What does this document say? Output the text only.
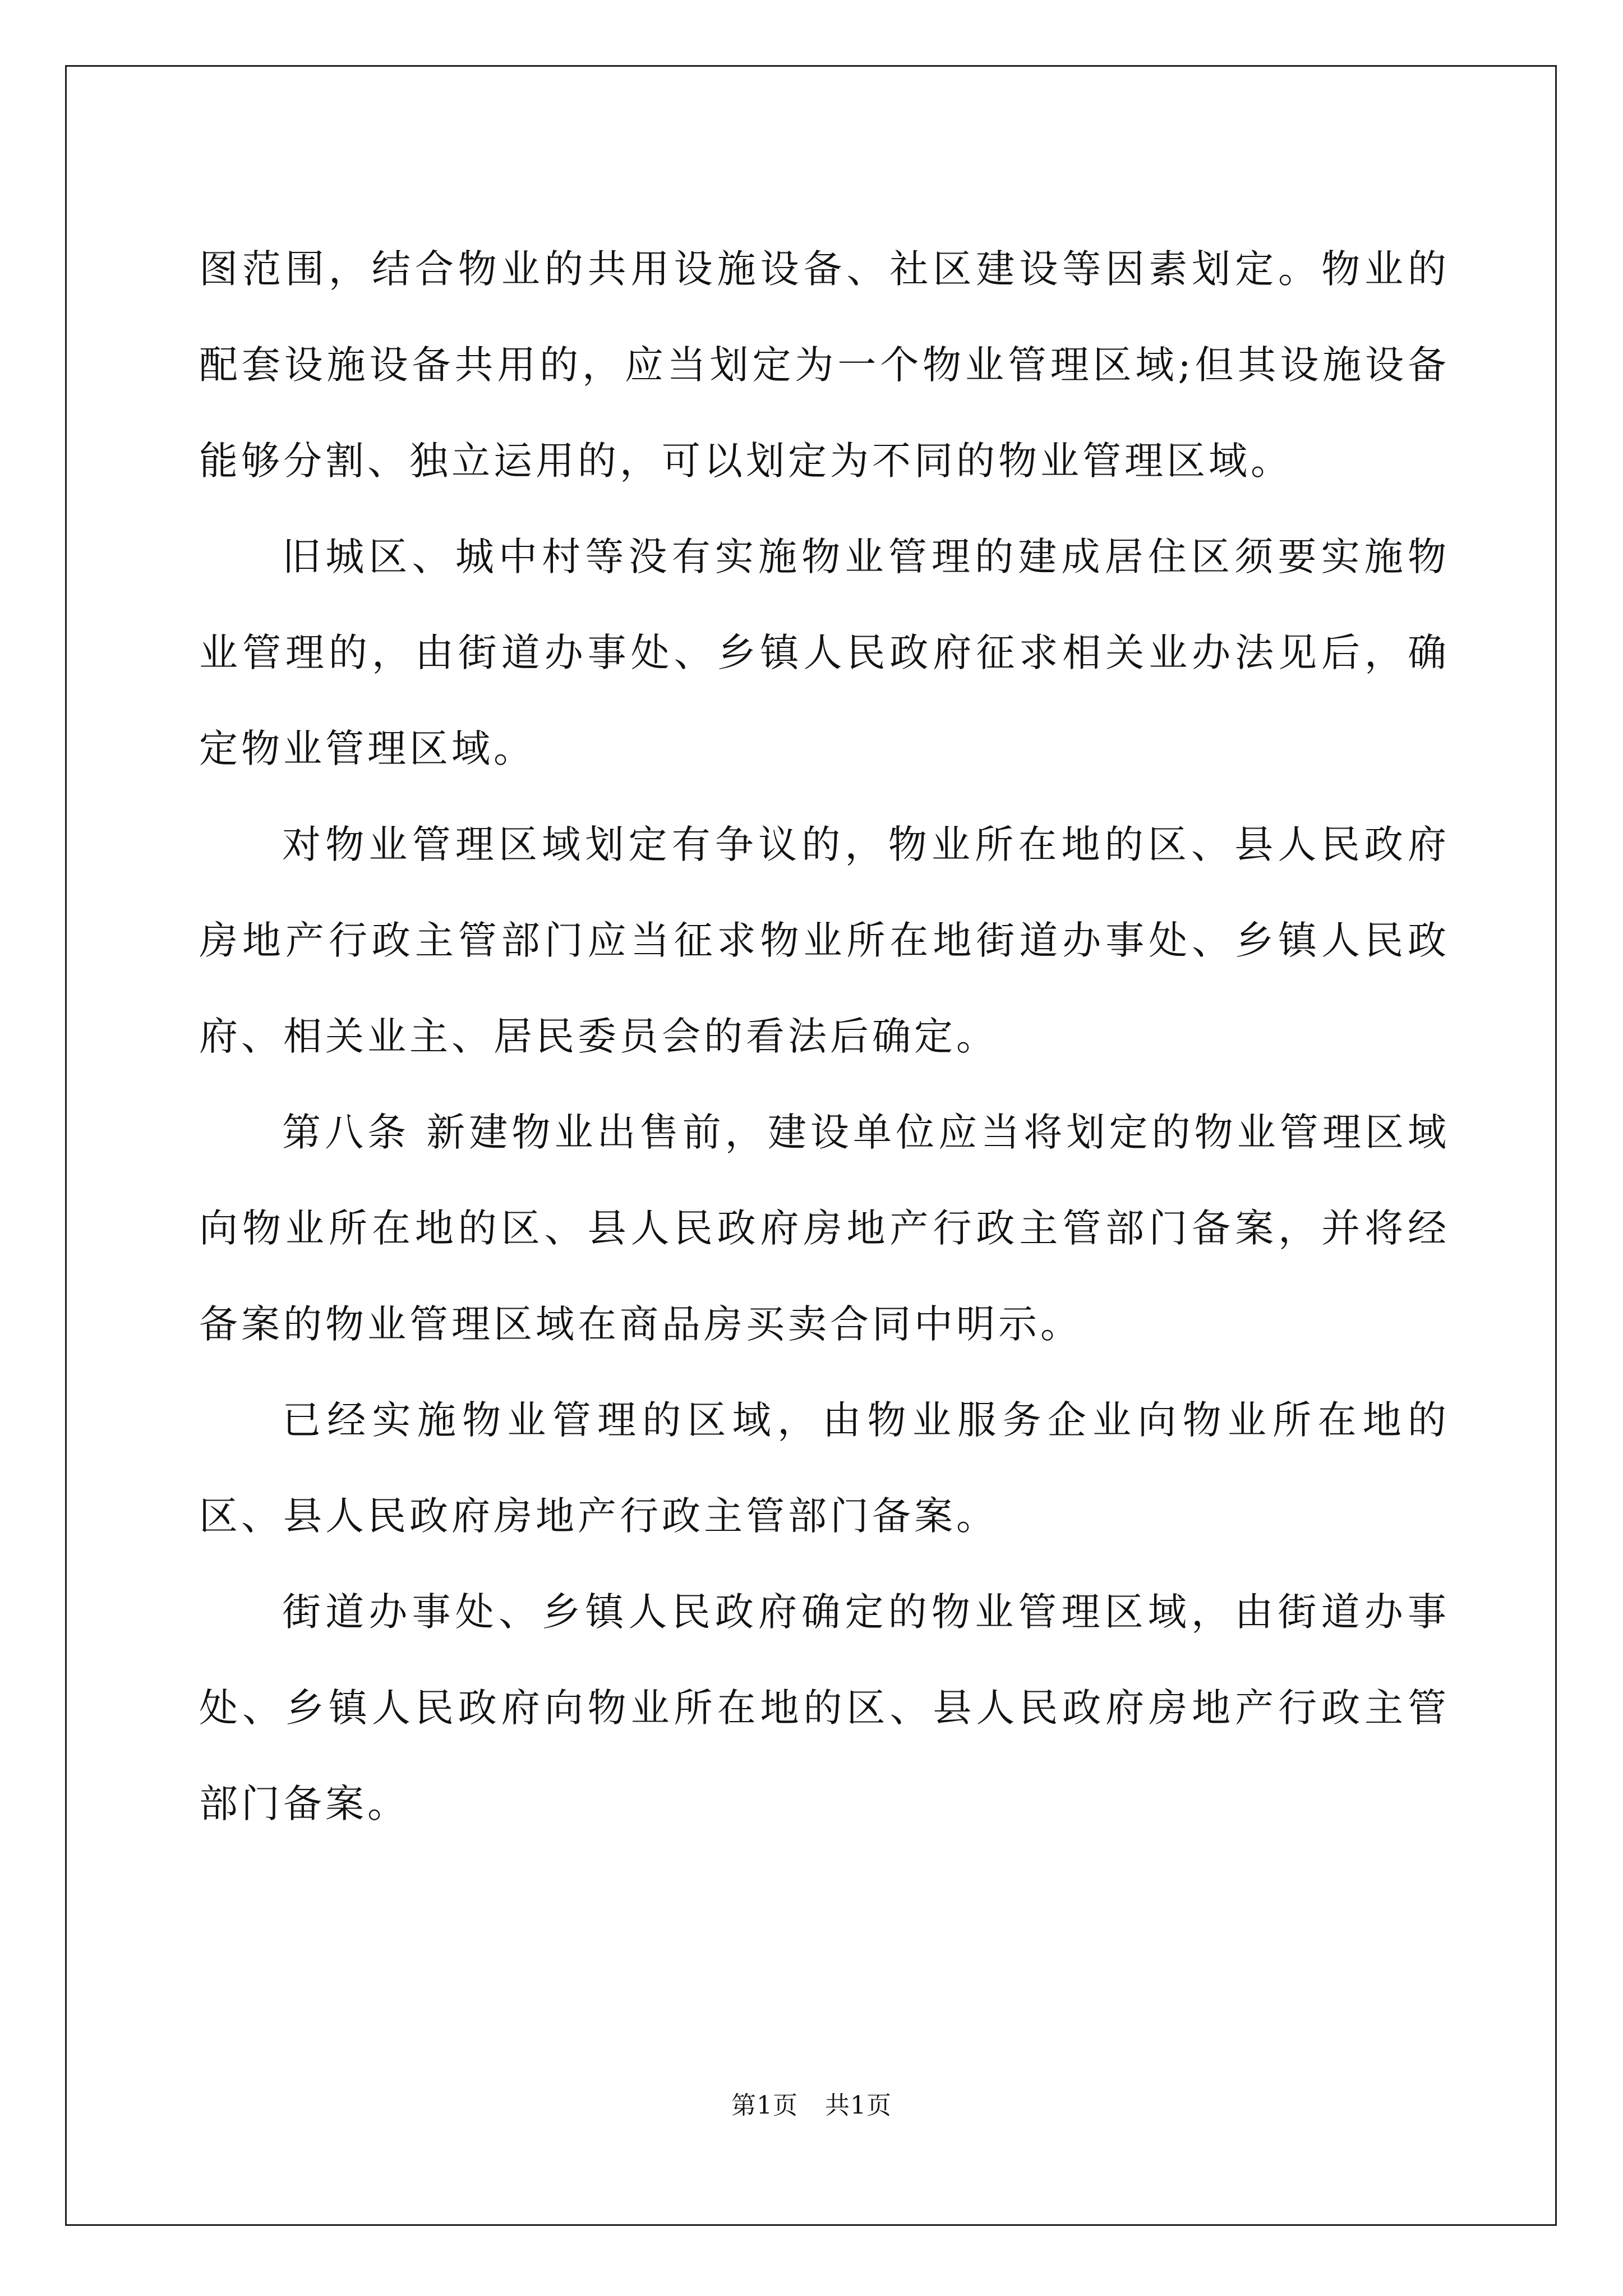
图范围，结合物业的共用设施设备、社区建设等因素划定。物业的配套设施设备共用的，应当划定为一个物业管理区域;但其设施设备能够分割、独立运用的，可以划定为不同的物业管理区域。

旧城区、城中村等没有实施物业管理的建成居住区须要实施物业管理的，由街道办事处、乡镇人民政府征求相关业办法见后，确定物业管理区域。

对物业管理区域划定有争议的，物业所在地的区、县人民政府房地产行政主管部门应当征求物业所在地街道办事处、乡镇人民政府、相关业主、居民委员会的看法后确定。

第八条 新建物业出售前，建设单位应当将划定的物业管理区域向物业所在地的区、县人民政府房地产行政主管部门备案，并将经备案的物业管理区域在商品房买卖合同中明示。

已经实施物业管理的区域，由物业服务企业向物业所在地的区、县人民政府房地产行政主管部门备案。

街道办事处、乡镇人民政府确定的物业管理区域，由街道办事处、乡镇人民政府向物业所在地的区、县人民政府房地产行政主管部门备案。

第1页 共1页
